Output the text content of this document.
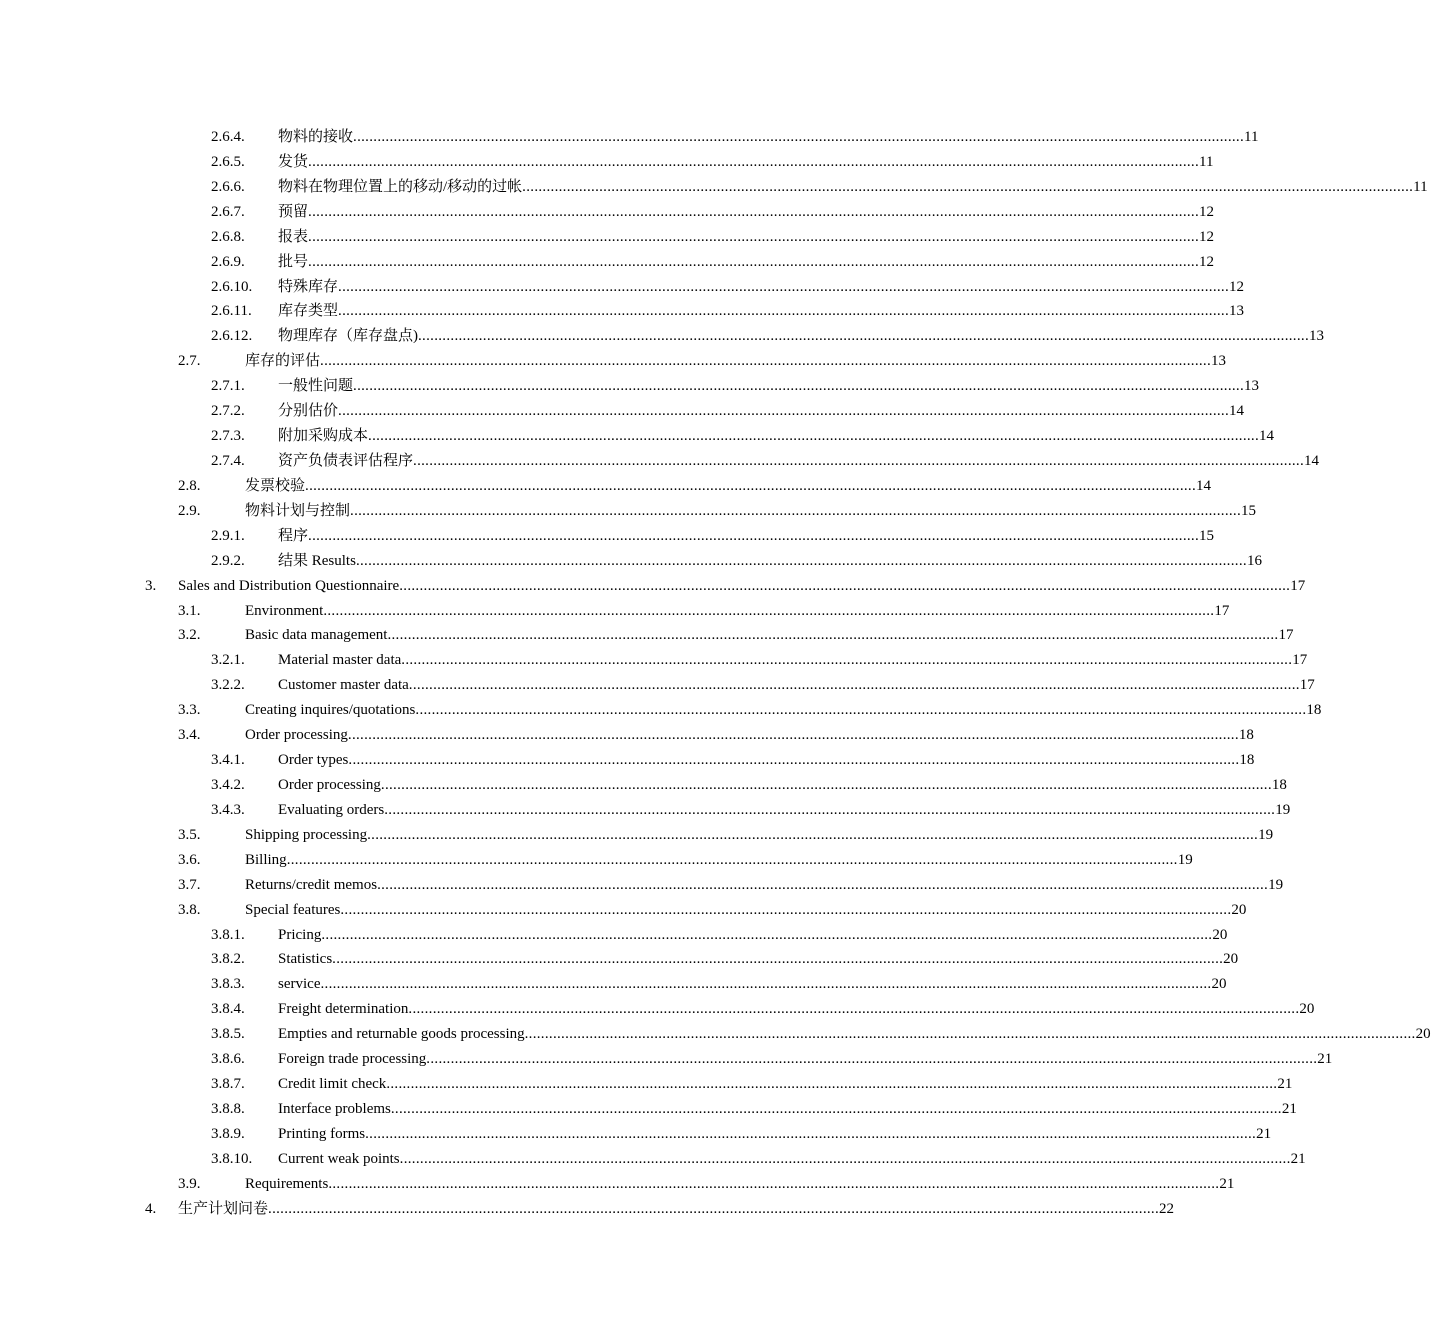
2.6.4. 物料的接收 ............................................................................................................................................................................................................................ 11
2.6.5. 发货 ............................................................................................................................................................................................................................ 11
2.6.6. 物料在物理位置上的移动/移动的过帐 ............................................................................................................................................................................................................................ 11
2.6.7. 预留 ............................................................................................................................................................................................................................ 12
2.6.8. 报表 ............................................................................................................................................................................................................................ 12
2.6.9. 批号 ............................................................................................................................................................................................................................ 12
2.6.10. 特殊库存 ............................................................................................................................................................................................................................ 12
2.6.11. 库存类型 ............................................................................................................................................................................................................................ 13
2.6.12. 物理库存（库存盘点) ............................................................................................................................................................................................................................ 13
2.7.	库存的评估 ............................................................................................................................................................................................................................ 13
2.7.1. 一般性问题 ............................................................................................................................................................................................................................ 13
2.7.2. 分别估价 ............................................................................................................................................................................................................................ 14
2.7.3. 附加采购成本 ............................................................................................................................................................................................................................ 14
2.7.4. 资产负债表评估程序 ............................................................................................................................................................................................................................ 14
2.8.	发票校验 ............................................................................................................................................................................................................................ 14
2.9.	物料计划与控制 ............................................................................................................................................................................................................................ 15
2.9.1. 程序 ............................................................................................................................................................................................................................ 15
2.9.2. 结果 Results ............................................................................................................................................................................................................................ 16
3. Sales and Distribution Questionnaire ............................................................................................................................................................................................................................ 17
3.1.	Environment ............................................................................................................................................................................................................................ 17
3.2.	Basic data management ............................................................................................................................................................................................................................ 17
3.2.1. Material master data ............................................................................................................................................................................................................................ 17
3.2.2. Customer master data ............................................................................................................................................................................................................................ 17
3.3.	Creating inquires/quotations ............................................................................................................................................................................................................................ 18
3.4.	Order processing ............................................................................................................................................................................................................................ 18
3.4.1. Order types ............................................................................................................................................................................................................................ 18
3.4.2. Order processing ............................................................................................................................................................................................................................ 18
3.4.3. Evaluating orders ............................................................................................................................................................................................................................ 19
3.5.	Shipping processing ............................................................................................................................................................................................................................ 19
3.6.	Billing ............................................................................................................................................................................................................................ 19
3.7.	Returns/credit memos ............................................................................................................................................................................................................................ 19
3.8.	Special features ............................................................................................................................................................................................................................ 20
3.8.1. Pricing ............................................................................................................................................................................................................................ 20
3.8.2. Statistics ............................................................................................................................................................................................................................ 20
3.8.3. service ............................................................................................................................................................................................................................ 20
3.8.4. Freight determination ............................................................................................................................................................................................................................ 20
3.8.5. Empties and returnable goods processing ............................................................................................................................................................................................................................ 20
3.8.6. Foreign trade processing ............................................................................................................................................................................................................................ 21
3.8.7. Credit limit check ............................................................................................................................................................................................................................ 21
3.8.8. Interface problems ............................................................................................................................................................................................................................ 21
3.8.9. Printing forms ............................................................................................................................................................................................................................ 21
3.8.10. Current weak points ............................................................................................................................................................................................................................ 21
3.9.	Requirements ............................................................................................................................................................................................................................ 21
4. 生产计划问卷 ............................................................................................................................................................................................................................ 22
